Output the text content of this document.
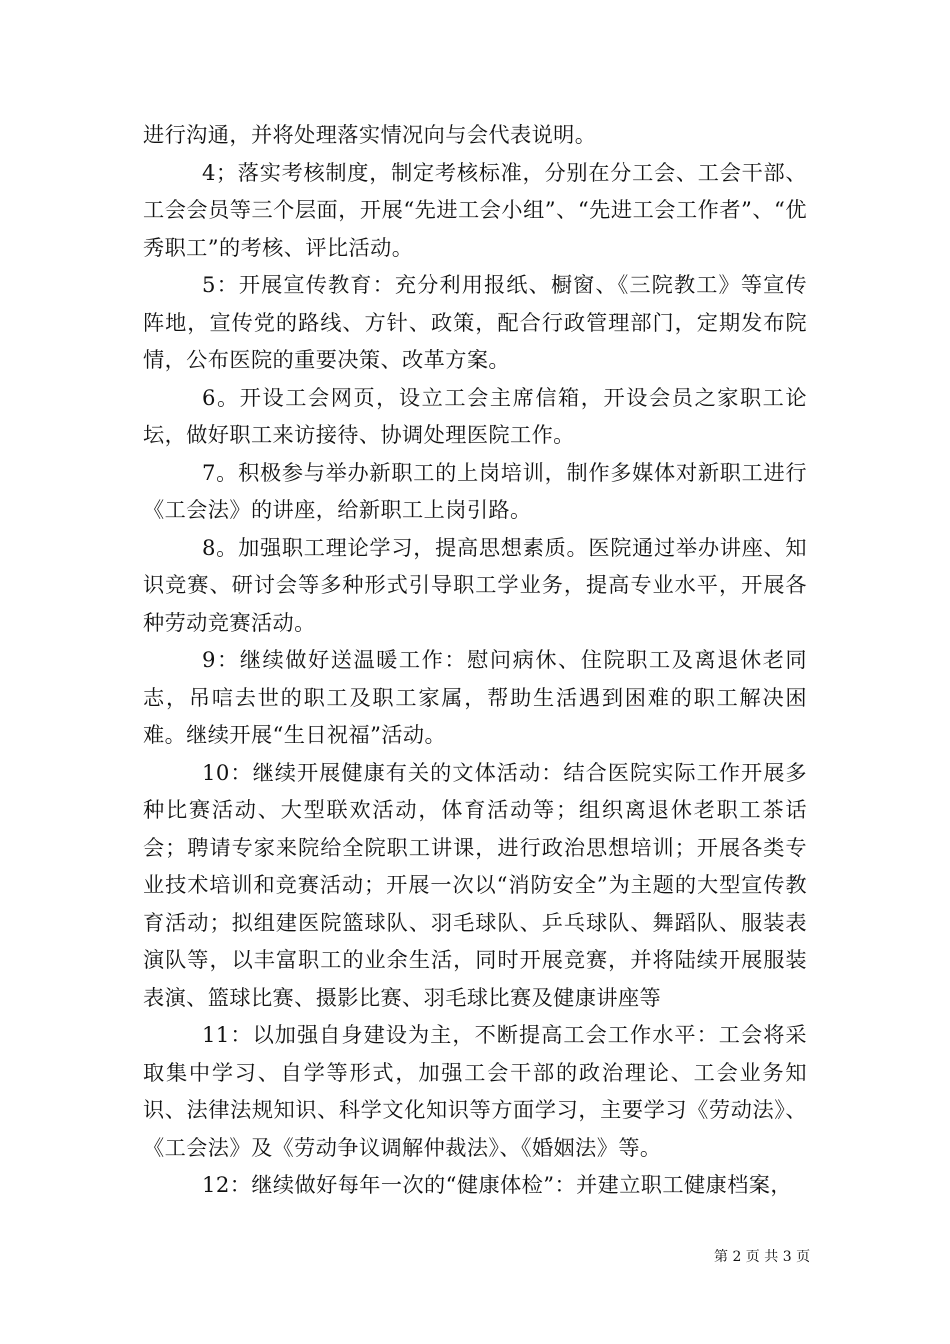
进行沟通，并将处理落实情况向与会代表说明。

4；落实考核制度，制定考核标准，分别在分工会、工会干部、工会会员等三个层面，开展“先进工会小组”、“先进工会工作者”、“优秀职工”的考核、评比活动。

5：开展宣传教育：充分利用报纸、橱窗、《三院教工》等宣传阵地，宣传党的路线、方针、政策，配合行政管理部门，定期发布院情，公布医院的重要决策、改革方案。

6。开设工会网页，设立工会主席信箱，开设会员之家职工论坛，做好职工来访接待、协调处理医院工作。

7。积极参与举办新职工的上岗培训，制作多媒体对新职工进行《工会法》的讲座，给新职工上岗引路。

8。加强职工理论学习，提高思想素质。医院通过举办讲座、知识竞赛、研讨会等多种形式引导职工学业务，提高专业水平，开展各种劳动竞赛活动。

9：继续做好送温暖工作：慰问病休、住院职工及离退休老同志，吊唁去世的职工及职工家属，帮助生活遇到困难的职工解决困难。继续开展“生日祝福”活动。

10：继续开展健康有关的文体活动：结合医院实际工作开展多种比赛活动、大型联欢活动，体育活动等；组织离退休老职工茶话会；聘请专家来院给全院职工讲课，进行政治思想培训；开展各类专业技术培训和竞赛活动；开展一次以“消防安全”为主题的大型宣传教育活动；拟组建医院篮球队、羽毛球队、乒乓球队、舞蹈队、服装表演队等，以丰富职工的业余生活，同时开展竞赛，并将陆续开展服装表演、篮球比赛、摄影比赛、羽毛球比赛及健康讲座等

11：以加强自身建设为主，不断提高工会工作水平：工会将采取集中学习、自学等形式，加强工会干部的政治理论、工会业务知识、法律法规知识、科学文化知识等方面学习，主要学习《劳动法》、《工会法》及《劳动争议调解仲裁法》、《婚姻法》等。

12：继续做好每年一次的“健康体检”：并建立职工健康档案，

第 2 页 共 3 页
